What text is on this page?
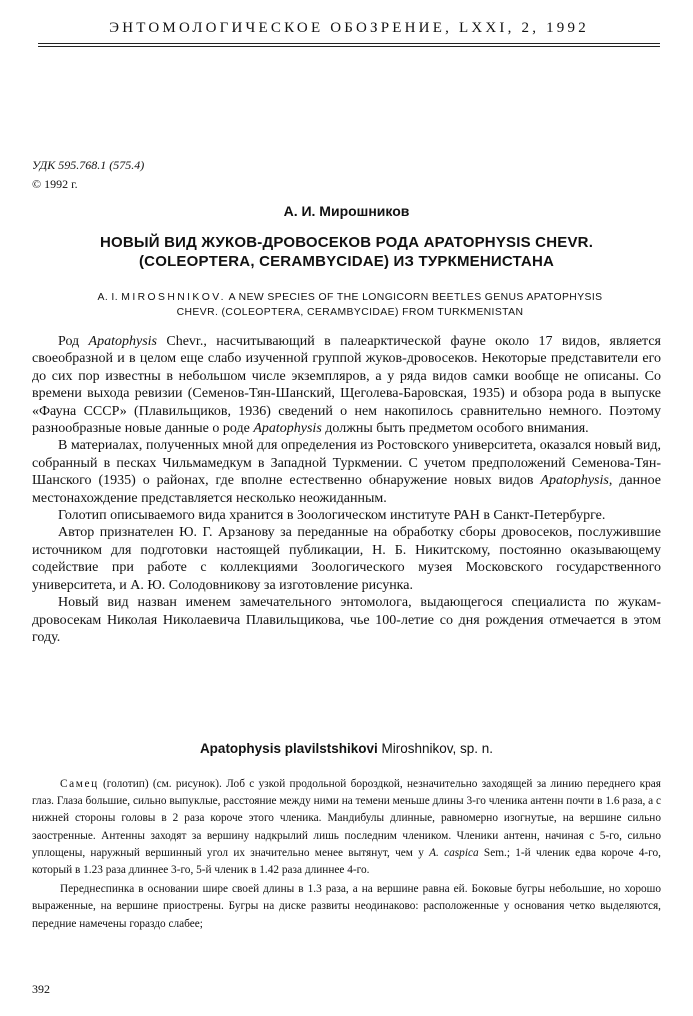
ЭНТОМОЛОГИЧЕСКОЕ ОБОЗРЕНИЕ, LXXI, 2, 1992
УДК 595.768.1 (575.4)
© 1992 г.
А. И. Мирошников
НОВЫЙ ВИД ЖУКОВ-ДРОВОСЕКОВ РОДА APATOPHYSIS CHEVR.
(COLEOPTERA, CERAMBYCIDAE) ИЗ ТУРКМЕНИСТАНА
A. I. MIROSHNIKOV. A NEW SPECIES OF THE LONGICORN BEETLES GENUS APATOPHYSIS
CHEVR. (COLEOPTERA, CERAMBYCIDAE) FROM TURKMENISTAN

Род Apatophysis Chevr., насчитывающий в палеарктической фауне около 17 видов, является своеобразной и в целом еще слабо изученной группой жуков-дровосеков. Некоторые представители его до сих пор известны в небольшом числе экземпляров, а у ряда видов самки вообще не описаны. Со времени выхода ревизии (Семенов-Тян-Шанский, Щеголева-Баровская, 1935) и обзора рода в выпуске «Фауна СССР» (Плавильщиков, 1936) сведений о нем накопилось сравнительно немного. Поэтому разнообразные новые данные о роде Apatophysis должны быть предметом особого внимания.

В материалах, полученных мной для определения из Ростовского университета, оказался новый вид, собранный в песках Чильмамедкум в Западной Туркмении. С учетом предположений Семенова-Тян-Шанского (1935) о районах, где вполне естественно обнаружение новых видов Apatophysis, данное местонахождение представляется несколько неожиданным.

Голотип описываемого вида хранится в Зоологическом институте РАН в Санкт-Петербурге.

Автор признателен Ю. Г. Арзанову за переданные на обработку сборы дровосеков, послужившие источником для подготовки настоящей публикации, Н. Б. Никитскому, постоянно оказывающему содействие при работе с коллекциями Зоологического музея Московского государственного университета, и А. Ю. Солодовникову за изготовление рисунка.

Новый вид назван именем замечательного энтомолога, выдающегося специалиста по жукам-дровосекам Николая Николаевича Плавильщикова, чье 100-летие со дня рождения отмечается в этом году.

Apatophysis plavilstshikovi Miroshnikov, sp. n.

Самец (голотип) (см. рисунок). Лоб с узкой продольной бороздкой, незначительно заходящей за линию переднего края глаз. Глаза большие, сильно выпуклые, расстояние между ними на темени меньше длины 3-го членика антенн почти в 1.6 раза, а с нижней стороны головы в 2 раза короче этого членика. Мандибулы длинные, равномерно изогнутые, на вершине сильно заостренные. Антенны заходят за вершину надкрылий лишь последним члеником. Членики антенн, начиная с 5-го, сильно уплощены, наружный вершинный угол их значительно менее вытянут, чем у A. caspica Sem.; 1-й членик едва короче 4-го, который в 1.23 раза длиннее 3-го, 5-й членик в 1.42 раза длиннее 4-го.

Переднеспинка в основании шире своей длины в 1.3 раза, а на вершине равна ей. Боковые бугры небольшие, но хорошо выраженные, на вершине приострены. Бугры на диске развиты неодинаково: расположенные у основания четко выделяются, передние намечены гораздо слабее;

392
